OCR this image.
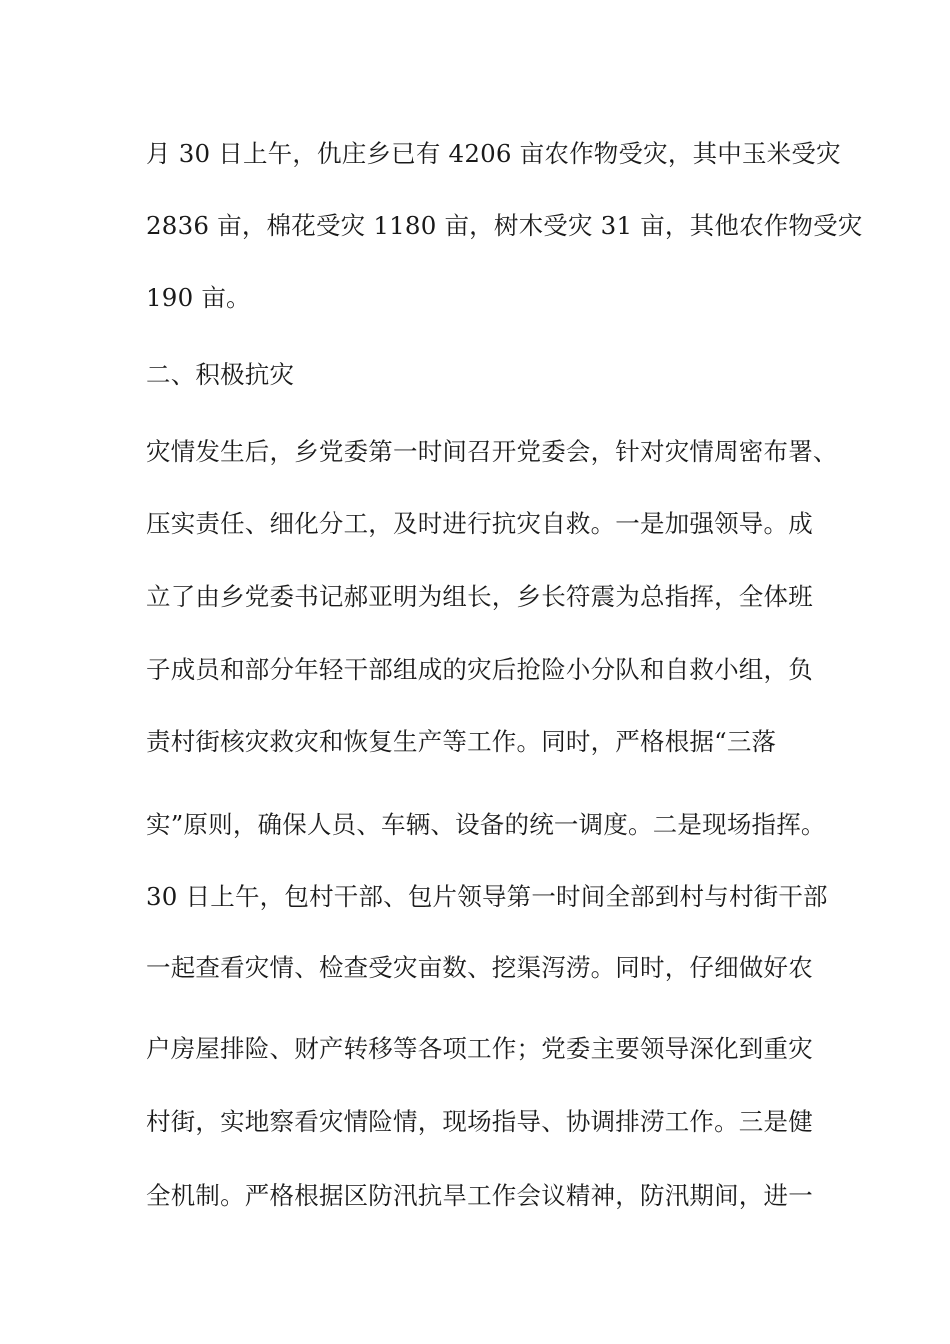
月 30 日上午，仇庄乡已有 4206 亩农作物受灾，其中玉米受灾
2836 亩，棉花受灾 1180 亩，树木受灾 31 亩，其他农作物受灾
190 亩。
二、积极抗灾
灾情发生后，乡党委第一时间召开党委会，针对灾情周密布署、
压实责任、细化分工，及时进行抗灾自救。一是加强领导。成
立了由乡党委书记郝亚明为组长，乡长符震为总指挥，全体班
子成员和部分年轻干部组成的灾后抢险小分队和自救小组，负
责村街核灾救灾和恢复生产等工作。同时，严格根据“三落
实”原则，确保人员、车辆、设备的统一调度。二是现场指挥。
30 日上午，包村干部、包片领导第一时间全部到村与村街干部
一起查看灾情、检查受灾亩数、挖渠泻涝。同时，仔细做好农
户房屋排险、财产转移等各项工作；党委主要领导深化到重灾
村街，实地察看灾情险情，现场指导、协调排涝工作。三是健
全机制。严格根据区防汛抗旱工作会议精神，防汛期间，进一
